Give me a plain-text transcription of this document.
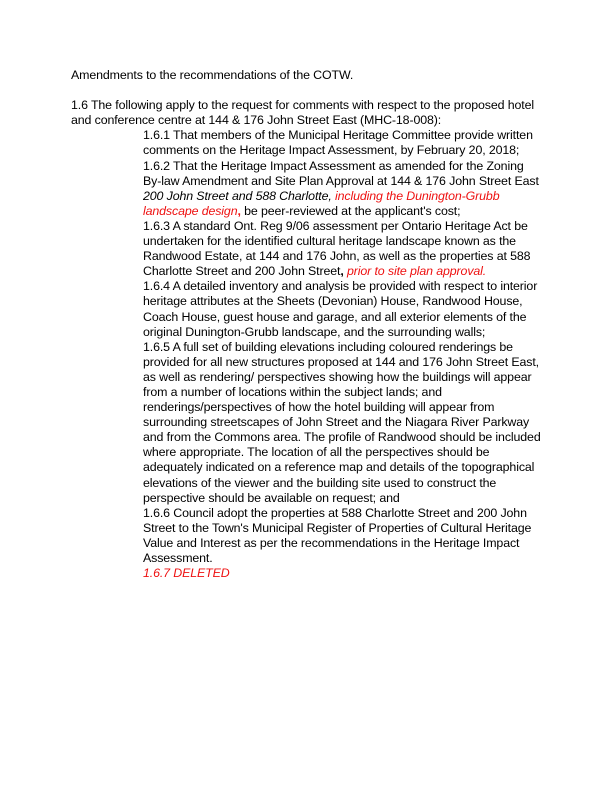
Amendments to the recommendations of the COTW.

1.6 The following apply to the request for comments with respect to the proposed hotel and conference centre at 144 & 176 John Street East (MHC-18-008):

1.6.1 That members of the Municipal Heritage Committee provide written comments on the Heritage Impact Assessment, by February 20, 2018;

1.6.2 That the Heritage Impact Assessment as amended for the Zoning By-law Amendment and Site Plan Approval at 144 & 176 John Street East 200 John Street and 588 Charlotte, including the Dunington-Grubb landscape design, be peer-reviewed at the applicant's cost;

1.6.3 A standard Ont. Reg 9/06 assessment per Ontario Heritage Act be undertaken for the identified cultural heritage landscape known as the Randwood Estate, at 144 and 176 John, as well as the properties at 588 Charlotte Street and 200 John Street, prior to site plan approval.

1.6.4 A detailed inventory and analysis be provided with respect to interior heritage attributes at the Sheets (Devonian) House, Randwood House, Coach House, guest house and garage, and all exterior elements of the original Dunington-Grubb landscape, and the surrounding walls;

1.6.5 A full set of building elevations including coloured renderings be provided for all new structures proposed at 144 and 176 John Street East, as well as rendering/ perspectives showing how the buildings will appear from a number of locations within the subject lands; and renderings/perspectives of how the hotel building will appear from surrounding streetscapes of John Street and the Niagara River Parkway and from the Commons area. The profile of Randwood should be included where appropriate. The location of all the perspectives should be adequately indicated on a reference map and details of the topographical elevations of the viewer and the building site used to construct the perspective should be available on request; and

1.6.6 Council adopt the properties at 588 Charlotte Street and 200 John Street to the Town's Municipal Register of Properties of Cultural Heritage Value and Interest as per the recommendations in the Heritage Impact Assessment.

1.6.7 DELETED
